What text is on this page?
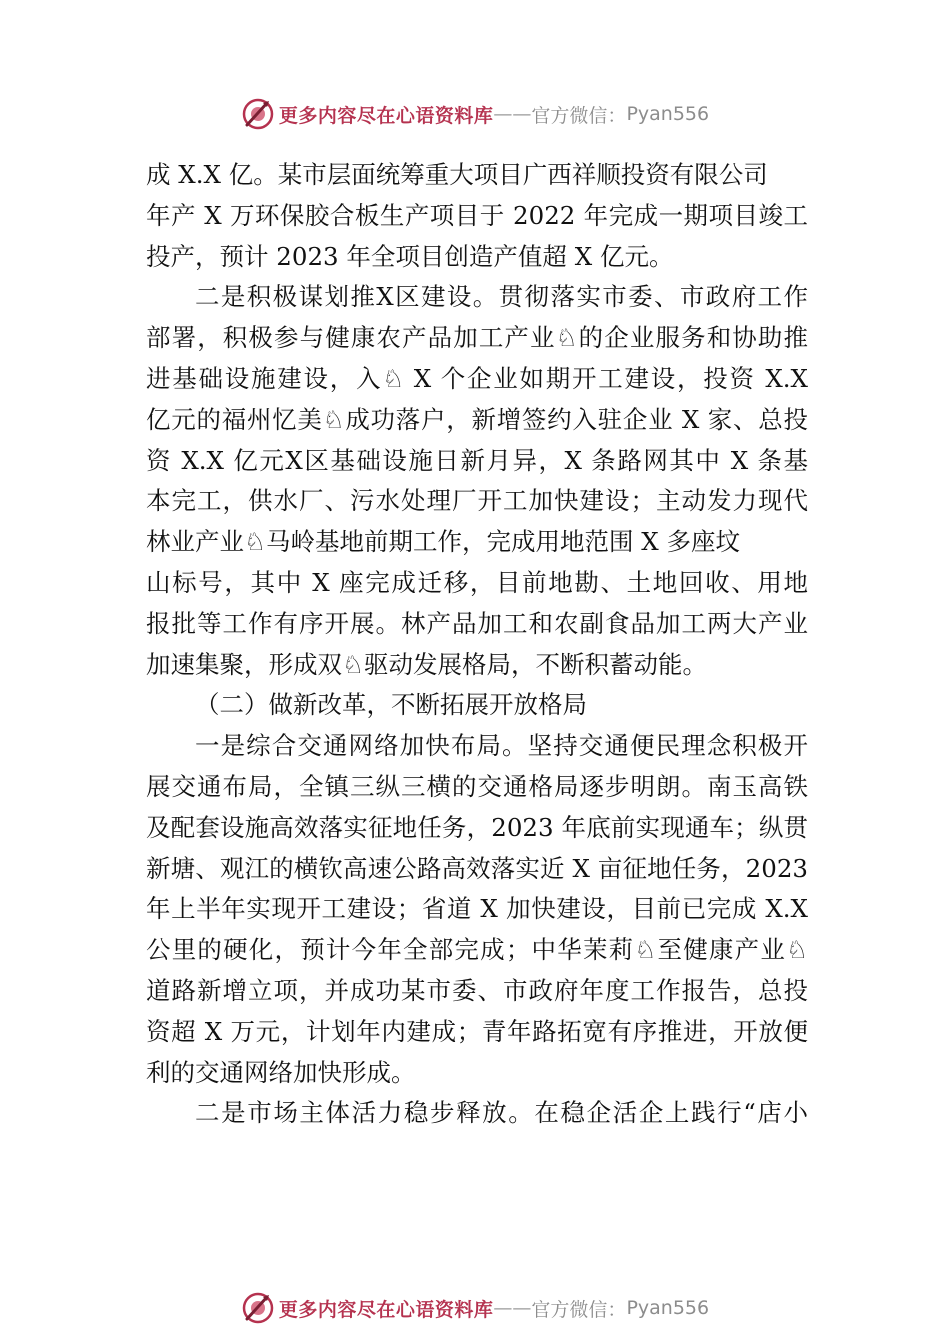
更多内容尽在心语资料库 —— 官方微信： Pyan556
成 X.X 亿。某市层面统筹重大项目广西祥顺投资有限公司
年产 X 万环保胶合板生产项目于 2022 年完成一期项目竣工
投产，预计 2023 年全项目创造产值超 X 亿元。
二是积极谋划推Ⅹ区建设。贯彻落实市委、市政府工作
部署，积极参与健康农产品加工产业♘的企业服务和协助推
进基础设施建设，入♘ X 个企业如期开工建设，投资 X.X
亿元的福州忆美♘成功落户，新增签约入驻企业 X 家、总投
资 X.X 亿元Ⅹ区基础设施日新月异，X 条路网其中 X 条基
本完工，供水厂、污水处理厂开工加快建设；主动发力现代
林业产业♘马岭基地前期工作，完成用地范围 X 多座坟
山标号，其中 X 座完成迁移，目前地勘、土地回收、用地
报批等工作有序开展。林产品加工和农副食品加工两大产业
加速集聚，形成双♘驱动发展格局，不断积蓄动能。
（二）做新改革，不断拓展开放格局
一是综合交通网络加快布局。坚持交通便民理念积极开
展交通布局，全镇三纵三横的交通格局逐步明朗。南玉高铁
及配套设施高效落实征地任务，2023 年底前实现通车；纵贯
新塘、观江的横钦高速公路高效落实近 X 亩征地任务，2023
年上半年实现开工建设；省道 X 加快建设，目前已完成 X.X
公里的硬化，预计今年全部完成；中华茉莉♘至健康产业♘
道路新增立项，并成功某市委、市政府年度工作报告，总投
资超 X 万元，计划年内建成；青年路拓宽有序推进，开放便
利的交通网络加快形成。
二是市场主体活力稳步释放。在稳企活企上践行“店小
更多内容尽在心语资料库 —— 官方微信： Pyan556
